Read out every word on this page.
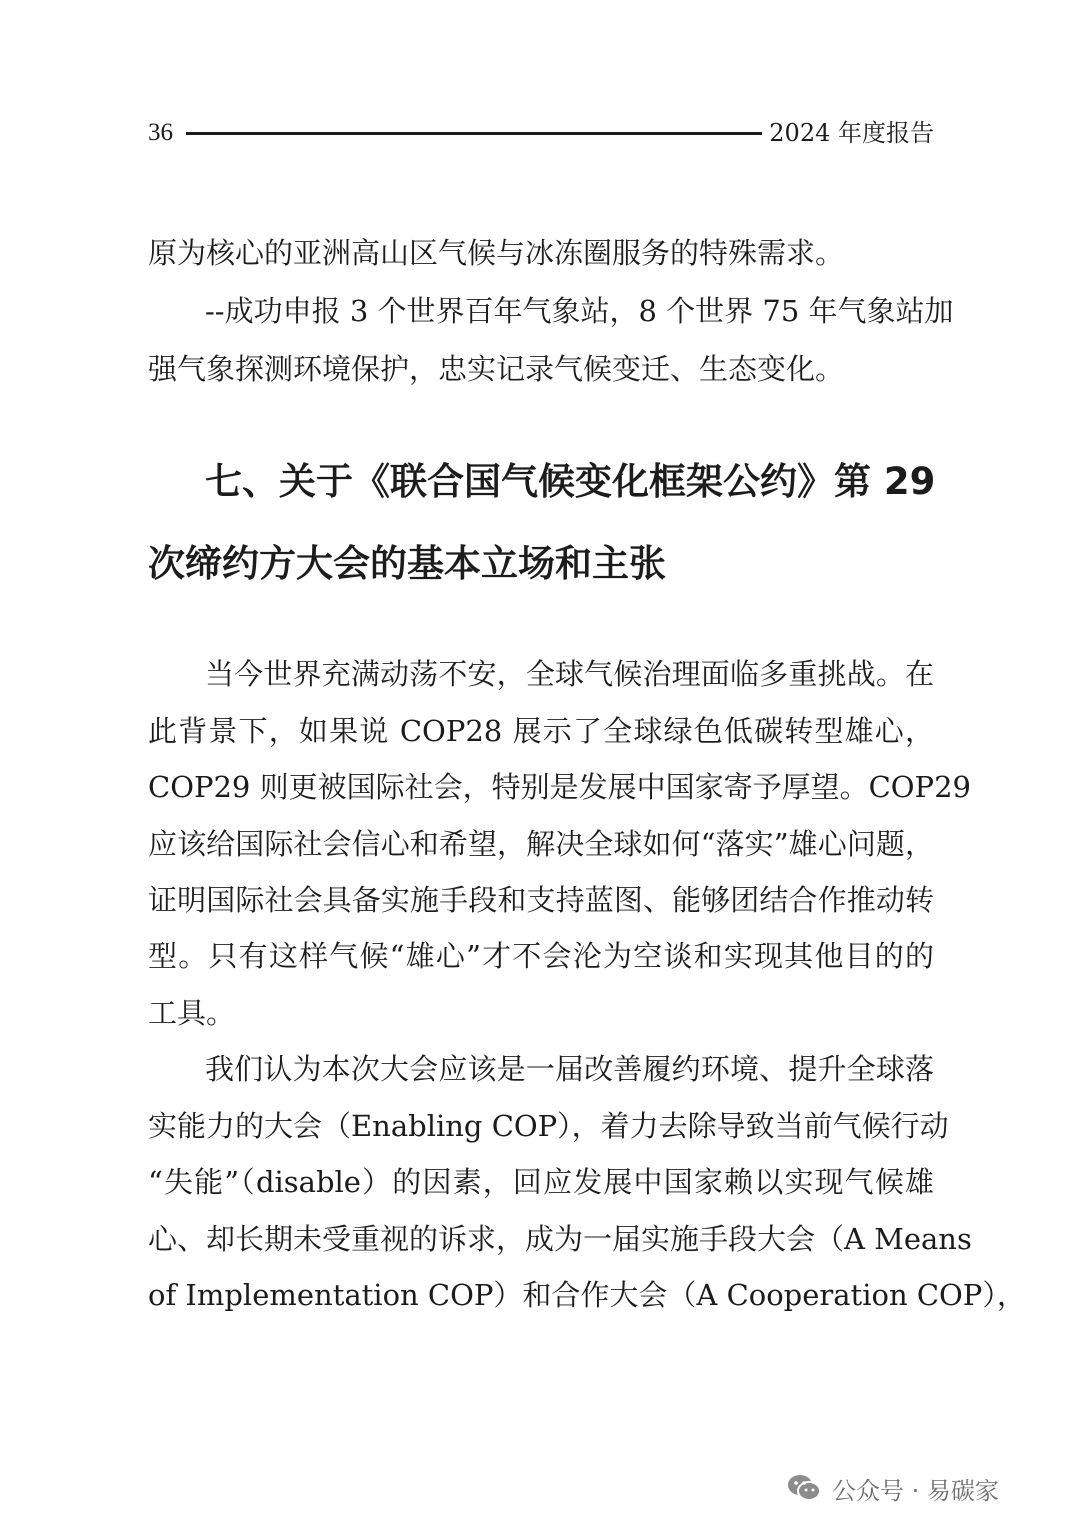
36	2024 年度报告
原为核心的亚洲高山区气候与冰冻圈服务的特殊需求。
--成功申报 3 个世界百年气象站，8 个世界 75 年气象站加
强气象探测环境保护，忠实记录气候变迁、生态变化。
七、关于《联合国气候变化框架公约》第 29
次缔约方大会的基本立场和主张
当今世界充满动荡不安，全球气候治理面临多重挑战。在
此背景下，如果说 COP28 展示了全球绿色低碳转型雄心，
COP29 则更被国际社会，特别是发展中国家寄予厚望。COP29
应该给国际社会信心和希望，解决全球如何“落实”雄心问题，
证明国际社会具备实施手段和支持蓝图、能够团结合作推动转
型。只有这样气候“雄心”才不会沦为空谈和实现其他目的的
工具。
我们认为本次大会应该是一届改善履约环境、提升全球落
实能力的大会（Enabling COP），着力去除导致当前气候行动
“失能”（disable）的因素，回应发展中国家赖以实现气候雄
心、却长期未受重视的诉求，成为一届实施手段大会（A Means
of Implementation COP）和合作大会（A Cooperation COP），
公众号 · 易碳家
